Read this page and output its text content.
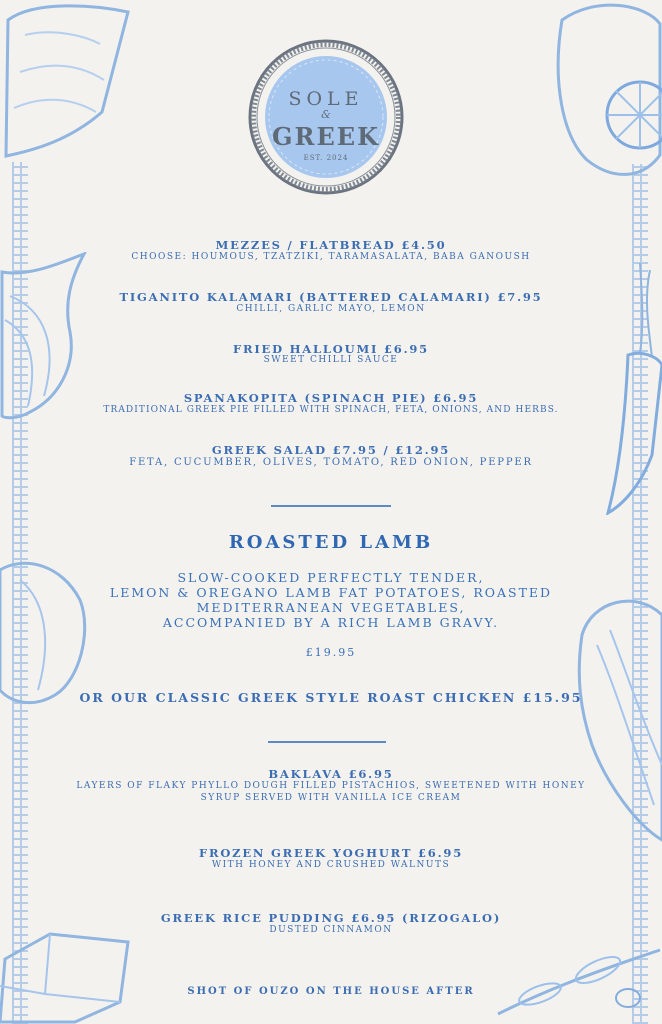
SOLE
&
GREEK
EST. 2024
MEZZES / FLATBREAD £4.50
CHOOSE: HOUMOUS, TZATZIKI, TARAMASALATA, BABA GANOUSH
TIGANITO KALAMARI (BATTERED CALAMARI) £7.95
CHILLI, GARLIC MAYO, LEMON
FRIED HALLOUMI £6.95
SWEET CHILLI SAUCE
SPANAKOPITA (SPINACH PIE) £6.95
TRADITIONAL GREEK PIE FILLED WITH SPINACH, FETA, ONIONS, AND HERBS.
GREEK SALAD £7.95 / £12.95
FETA, CUCUMBER, OLIVES, TOMATO, RED ONION, PEPPER
ROASTED LAMB
SLOW-COOKED PERFECTLY TENDER,
LEMON & OREGANO LAMB FAT POTATOES, ROASTED
MEDITERRANEAN VEGETABLES,
ACCOMPANIED BY A RICH LAMB GRAVY.
£19.95
OR OUR CLASSIC GREEK STYLE ROAST CHICKEN £15.95
BAKLAVA £6.95
LAYERS OF FLAKY PHYLLO DOUGH FILLED PISTACHIOS, SWEETENED WITH HONEY
SYRUP SERVED WITH VANILLA ICE CREAM
FROZEN GREEK YOGHURT £6.95
WITH HONEY AND CRUSHED WALNUTS
GREEK RICE PUDDING £6.95 (RIZOGALO)
DUSTED CINNAMON
SHOT OF OUZO ON THE HOUSE AFTER
